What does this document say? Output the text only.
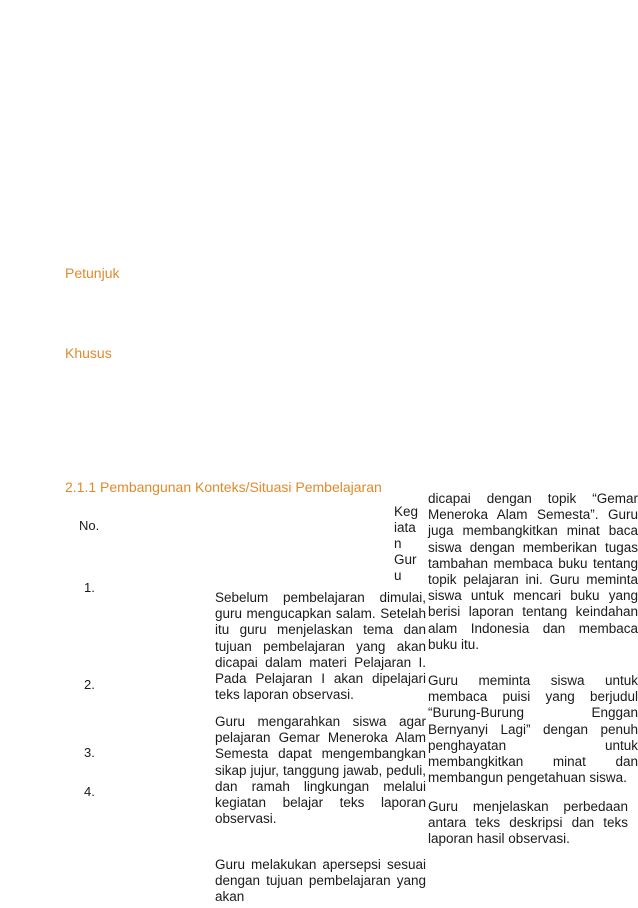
Petunjuk
Khusus
2.1.1 Pembangunan Konteks/Situasi Pembelajaran
No.
Keg
iata
n
Gur
u
1.
2.
3.
4.
Sebelum pembelajaran dimulai, guru mengucapkan salam. Setelah itu guru menjelaskan tema dan tujuan pembelajaran yang akan dicapai dalam materi Pelajaran I. Pada Pelajaran I akan dipelajari teks laporan observasi.
Guru mengarahkan siswa agar pelajaran Gemar Meneroka Alam Semesta dapat mengembangkan sikap jujur, tanggung jawab, peduli, dan ramah lingkungan melalui kegiatan belajar teks laporan observasi.
Guru melakukan apersepsi sesuai dengan tujuan pembelajaran yang akan
dicapai dengan topik “Gemar Meneroka Alam Semesta”. Guru juga membangkitkan minat baca siswa dengan memberikan tugas tambahan membaca buku tentang topik pelajaran ini. Guru meminta siswa untuk mencari buku yang berisi laporan tentang keindahan alam Indonesia dan membaca buku itu.
Guru meminta siswa untuk membaca puisi yang berjudul “Burung-Burung Enggan Bernyanyi Lagi” dengan penuh penghayatan untuk membangkitkan minat dan membangun pengetahuan siswa.
Guru menjelaskan perbedaan antara teks deskripsi dan teks laporan hasil observasi.
